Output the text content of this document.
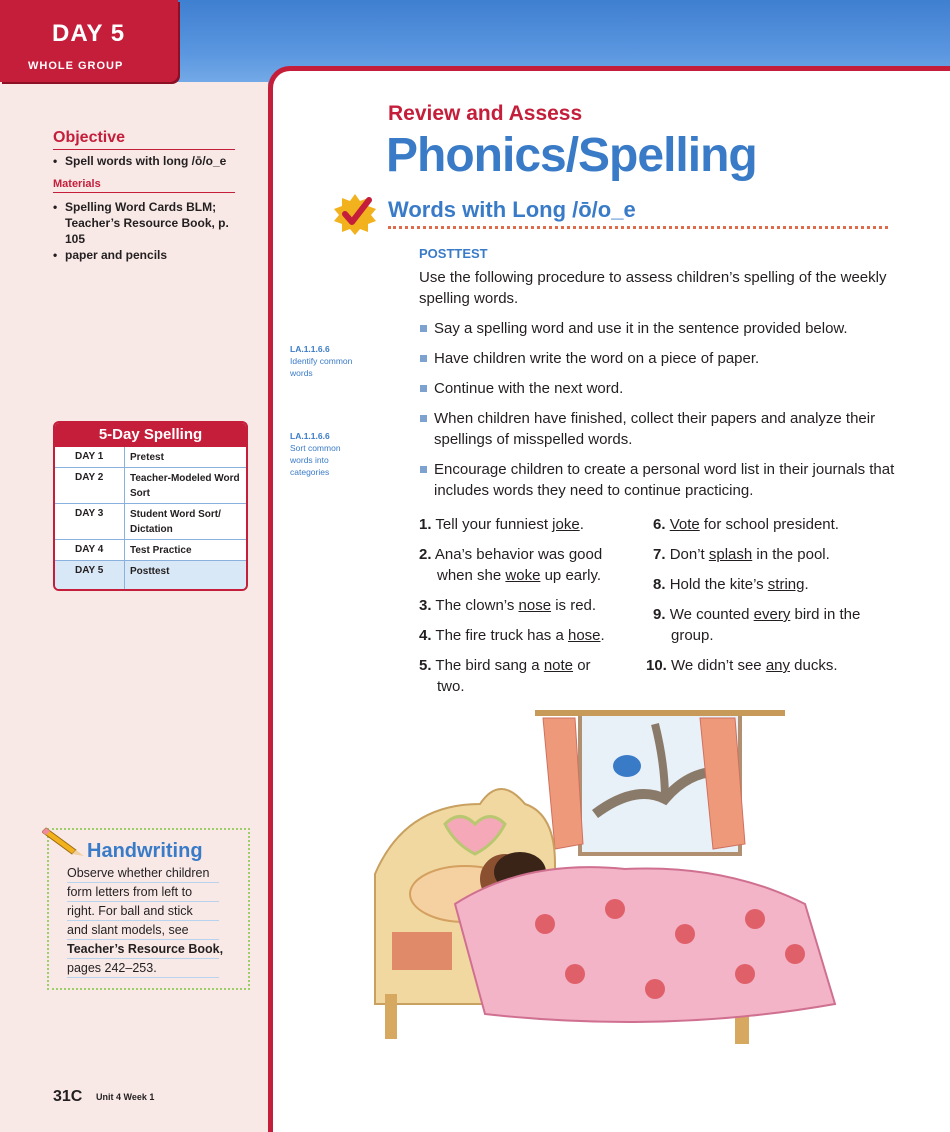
DAY 5
WHOLE GROUP
Objective
• Spell words with long /ō/o_e
Materials
• Spelling Word Cards BLM; Teacher’s Resource Book, p. 105
• paper and pencils
5-Day Spelling
DAY 1	Pretest
DAY 2	Teacher-Modeled Word Sort
DAY 3	Student Word Sort/ Dictation
DAY 4	Test Practice
DAY 5	Posttest
LA.1.1.6.6
Identify common words
LA.1.1.6.6
Sort common words into categories
Review and Assess
Phonics/Spelling
Words with Long /ō/o_e
POSTTEST
Use the following procedure to assess children’s spelling of the weekly spelling words.
Say a spelling word and use it in the sentence provided below.
Have children write the word on a piece of paper.
Continue with the next word.
When children have finished, collect their papers and analyze their spellings of misspelled words.
Encourage children to create a personal word list in their journals that includes words they need to continue practicing.
1. Tell your funniest joke.
2. Ana’s behavior was good when she woke up early.
3. The clown’s nose is red.
4. The fire truck has a hose.
5. The bird sang a note or two.
6. Vote for school president.
7. Don’t splash in the pool.
8. Hold the kite’s string.
9. We counted every bird in the group.
10. We didn’t see any ducks.
Handwriting
Observe whether children
form letters from left to
right. For ball and stick
and slant models, see
Teacher’s Resource Book,
pages 242–253.
31C Unit 4 Week 1
